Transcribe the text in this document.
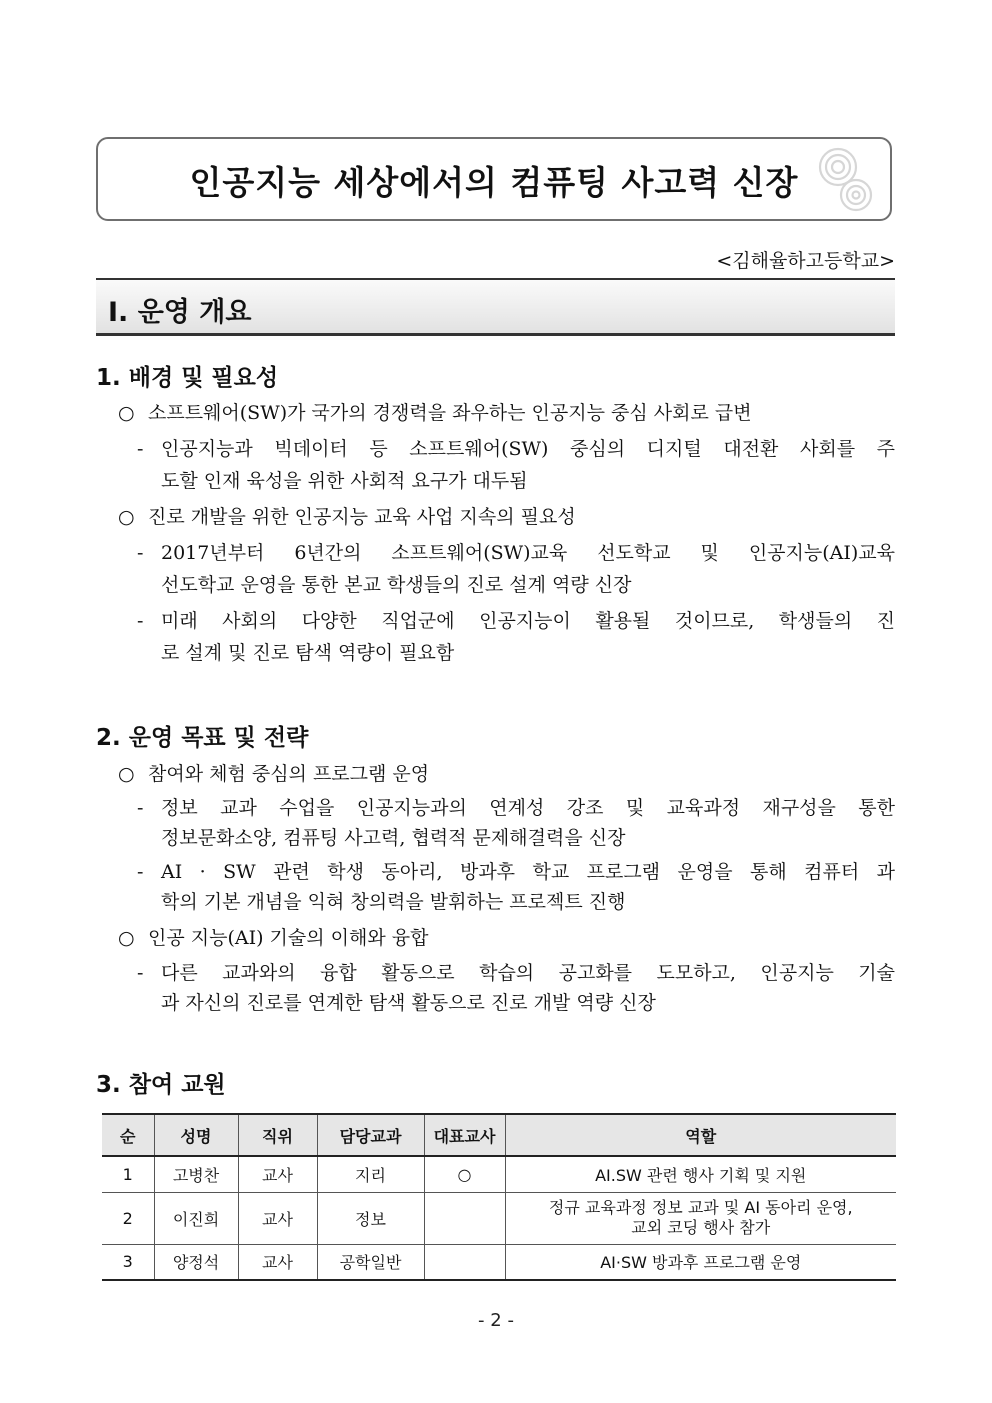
인공지능 세상에서의 컴퓨팅 사고력 신장
<김해율하고등학교>
Ⅰ. 운영 개요
1. 배경 및 필요성
○ 소프트웨어(SW)가 국가의 경쟁력을 좌우하는 인공지능 중심 사회로 급변
- 인공지능과 빅데이터 등 소프트웨어(SW) 중심의 디지털 대전환 사회를 주
도할 인재 육성을 위한 사회적 요구가 대두됨
○ 진로 개발을 위한 인공지능 교육 사업 지속의 필요성
- 2017년부터 6년간의 소프트웨어(SW)교육 선도학교 및 인공지능(AI)교육
선도학교 운영을 통한 본교 학생들의 진로 설계 역량 신장
- 미래 사회의 다양한 직업군에 인공지능이 활용될 것이므로, 학생들의 진
로 설계 및 진로 탐색 역량이 필요함
2. 운영 목표 및 전략
○ 참여와 체험 중심의 프로그램 운영
- 정보 교과 수업을 인공지능과의 연계성 강조 및 교육과정 재구성을 통한
정보문화소양, 컴퓨팅 사고력, 협력적 문제해결력을 신장
- AI · SW 관련 학생 동아리, 방과후 학교 프로그램 운영을 통해 컴퓨터 과
학의 기본 개념을 익혀 창의력을 발휘하는 프로젝트 진행
○ 인공 지능(AI) 기술의 이해와 융합
- 다른 교과와의 융합 활동으로 학습의 공고화를 도모하고, 인공지능 기술
과 자신의 진로를 연계한 탐색 활동으로 진로 개발 역량 신장
3. 참여 교원
순	성명	직위	담당교과	대표교사	역할
1	고병찬	교사	지리	○	AI.SW 관련 행사 기획 및 지원

2	이진희	교사	정보		정규 교육과정 정보 교과 및 AI 동아리 운영,
교외 코딩 행사 참가

3	양정석	교사	공학일반		AI·SW 방과후 프로그램 운영
- 2 -
